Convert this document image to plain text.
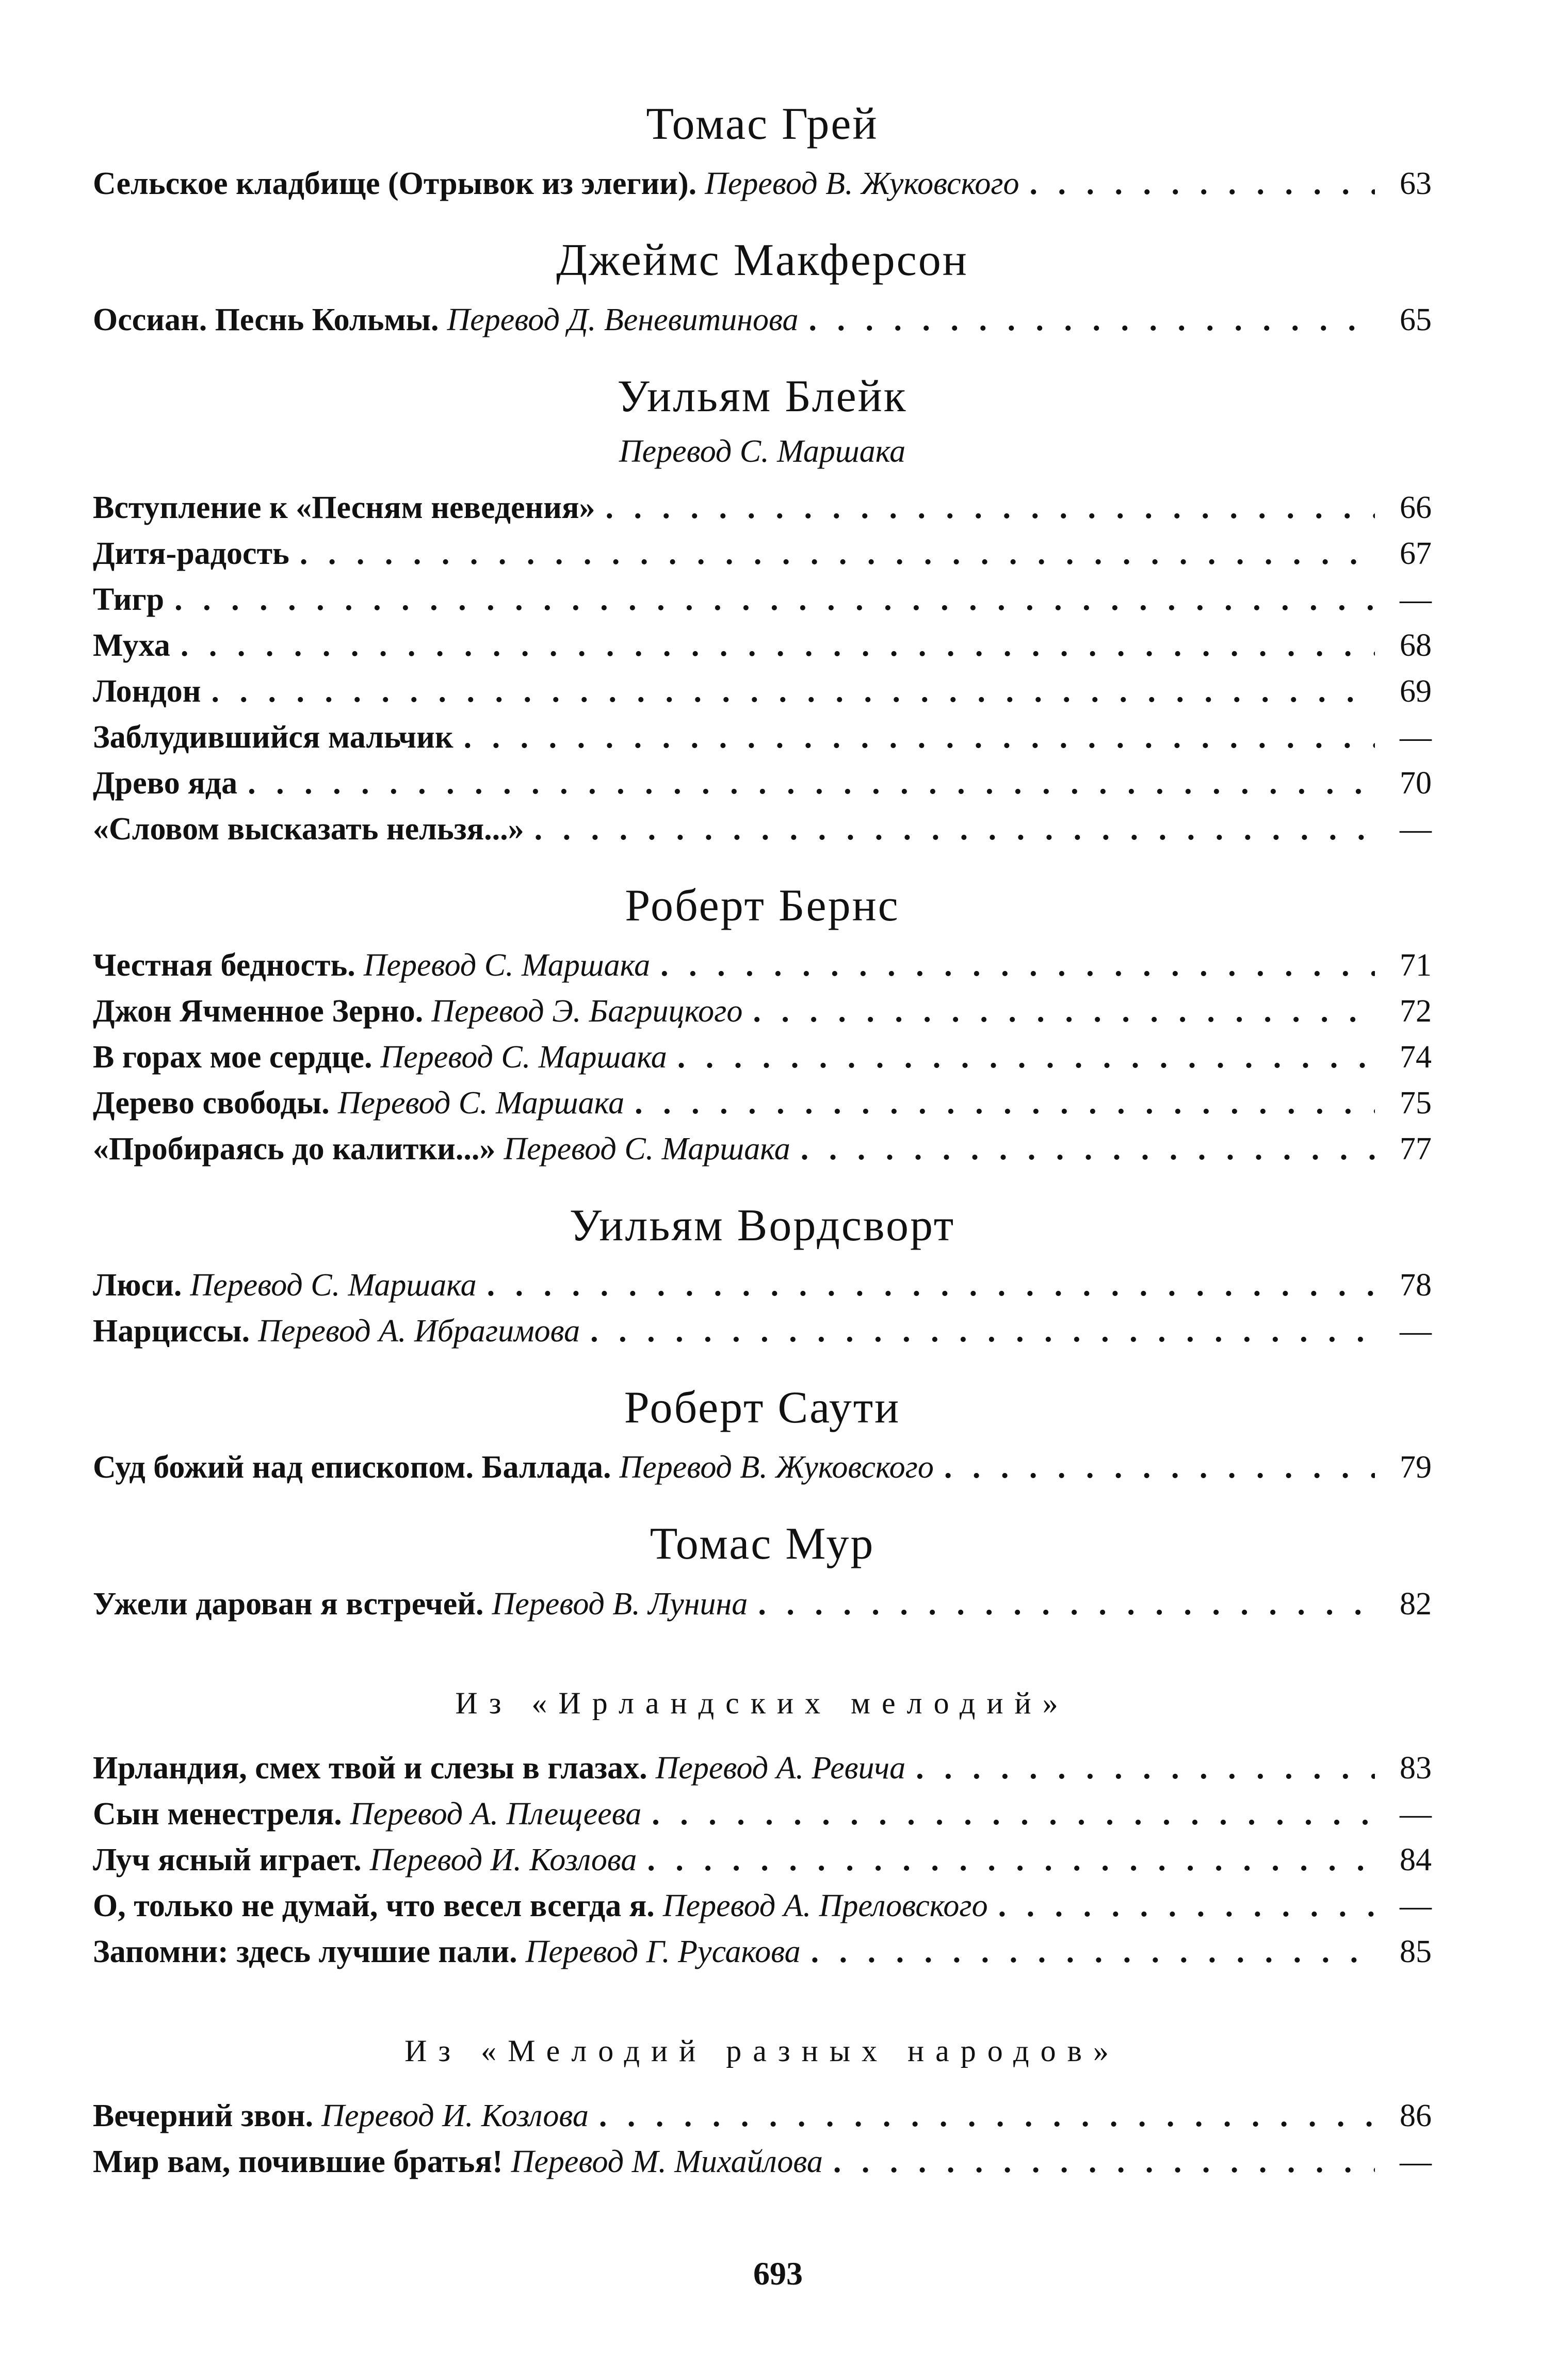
Томас Грей
Сельское кладбище (Отрывок из элегии). Перевод В. Жуковского . . .	63
Джеймс Макферсон
Оссиан. Песнь Кольмы. Перевод Д. Веневитинова . . .	65
Уильям Блейк
Перевод С. Маршака
Вступление к «Песням неведения» . . .	66
Дитя-радость . . .	67
Тигр . . .	—
Муха . . .	68
Лондон . . .	69
Заблудившийся мальчик . . .	—
Древо яда . . .	70
«Словом высказать нельзя...» . . .	—
Роберт Бернс
Честная бедность. Перевод С. Маршака . . .	71
Джон Ячменное Зерно. Перевод Э. Багрицкого . . .	72
В горах мое сердце. Перевод С. Маршака . . .	74
Дерево свободы. Перевод С. Маршака . . .	75
«Пробираясь до калитки...» Перевод С. Маршака . . .	77
Уильям Вордсворт
Люси. Перевод С. Маршака . . .	78
Нарциссы. Перевод А. Ибрагимова . . .	—
Роберт Саути
Суд божий над епископом. Баллада. Перевод В. Жуковского . . .	79
Томас Мур
Ужели дарован я встречей. Перевод В. Лунина . . .	82
Из «Ирландских мелодий»
Ирландия, смех твой и слезы в глазах. Перевод А. Ревича . . .	83
Сын менестреля. Перевод А. Плещеева . . .	—
Луч ясный играет. Перевод И. Козлова . . .	84
О, только не думай, что весел всегда я. Перевод А. Преловского . . .	—
Запомни: здесь лучшие пали. Перевод Г. Русакова . . .	85
Из «Мелодий разных народов»
Вечерний звон. Перевод И. Козлова . . .	86
Мир вам, почившие братья! Перевод М. Михайлова . . .	—
693
